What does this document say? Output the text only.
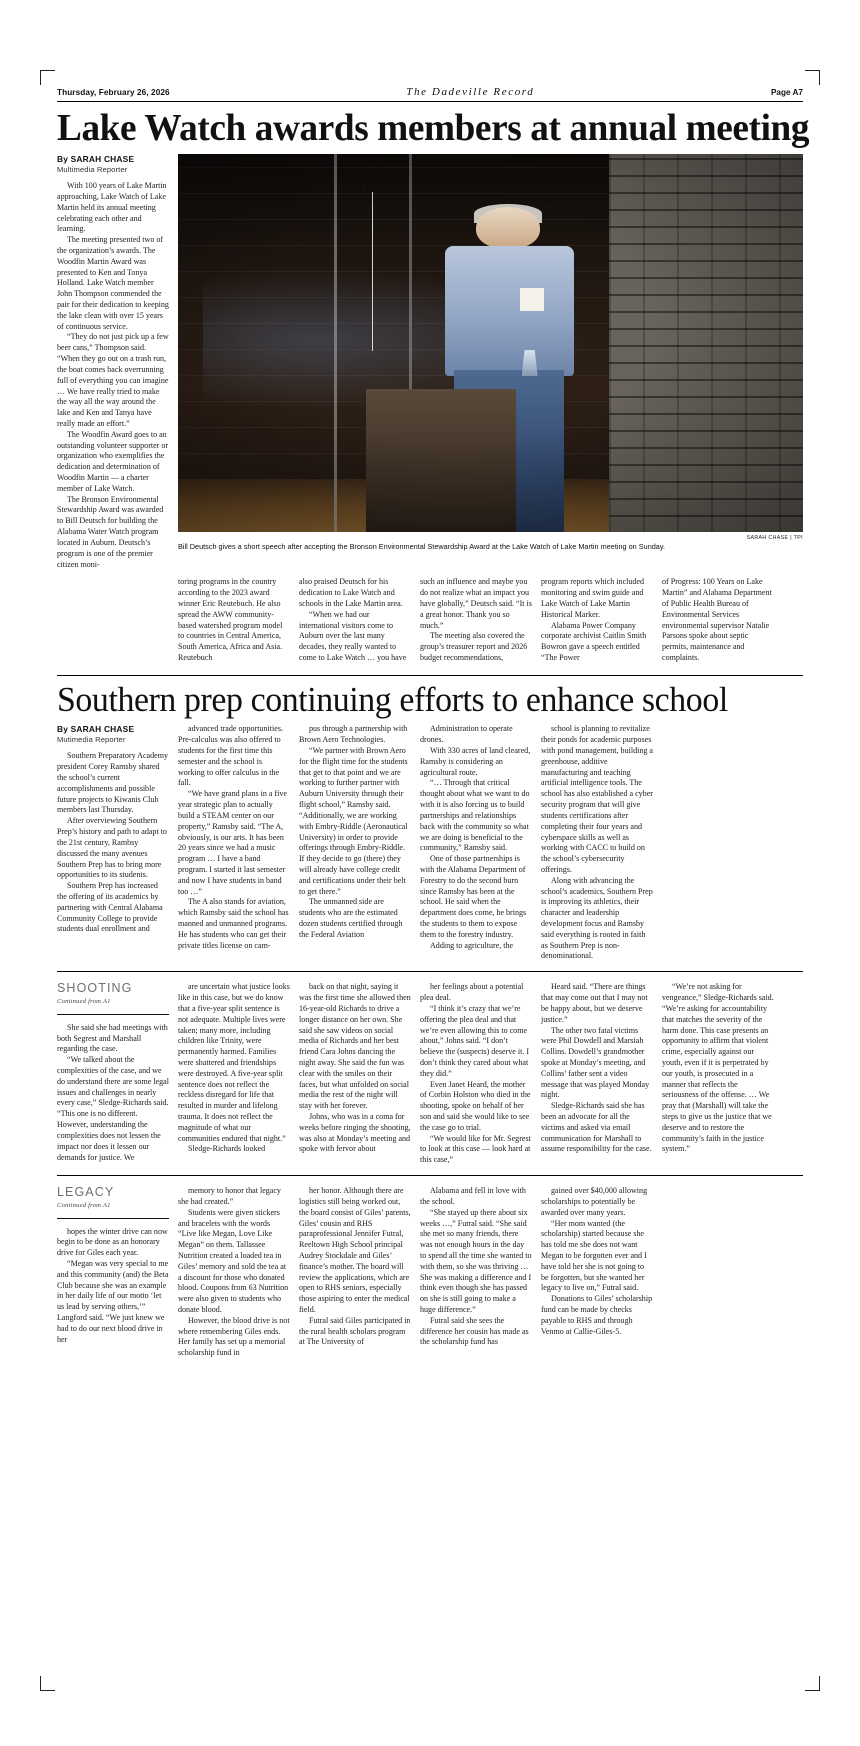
Thursday, February 26, 2026	The Dadeville Record	Page A7
Lake Watch awards members at annual meeting
By SARAH CHASE
Multimedia Reporter

With 100 years of Lake Martin approaching, Lake Watch of Lake Martin held its annual meeting celebrating each other and learning.

The meeting presented two of the organization’s awards. The Woodfin Martin Award was presented to Ken and Tonya Holland. Lake Watch member John Thompson commended the pair for their dedication to keeping the lake clean with over 15 years of continuous service.

“They do not just pick up a few beer cans,” Thompson said. “When they go out on a trash run, the boat comes back overrunning full of everything you can imagine … We have really tried to make the way all the way around the lake and Ken and Tanya have really made an effort.”

The Woodfin Award goes to an outstanding volunteer supporter or organization who exemplifies the dedication and determination of Woodfin Martin — a charter member of Lake Watch.

The Bronson Environmental Stewardship Award was awarded to Bill Deutsch for building the Alabama Water Watch program located in Auburn. Deutsch’s program is one of the premier citizen moni-

SARAH CHASE | TPI
Bill Deutsch gives a short speech after accepting the Bronson Environmental Stewardship Award at the Lake Watch of Lake Martin meeting on Sunday.

toring programs in the country according to the 2023 award winner Eric Reutebuch. He also spread the AWW community-based watershed program model to countries in Central America, South America, Africa and Asia. Reutebuch

also praised Deutsch for his dedication to Lake Watch and schools in the Lake Martin area.

“When we had our international visitors come to Auburn over the last many decades, they really wanted to come to Lake Watch … you have

such an influence and maybe you do not realize what an impact you have globally,” Deutsch said. “It is a great honor. Thank you so much.”

The meeting also covered the group’s treasurer report and 2026 budget recommendations,

program reports which included monitoring and swim guide and Lake Watch of Lake Martin Historical Marker.

Alabama Power Company corporate archivist Caitlin Smith Bowron gave a speech entitled “The Power

of Progress: 100 Years on Lake Martin” and Alabama Department of Public Health Bureau of Environmental Services environmental supervisor Natalie Parsons spoke about septic permits, maintenance and complaints.

Southern prep continuing efforts to enhance school
By SARAH CHASE
Mutimedia Reporter

Southern Preparatory Academy president Corey Ramsby shared the school’s current accomplishments and possible future projects to Kiwanis Club members last Thursday.

After overviewing Southern Prep’s history and path to adapt to the 21st century, Rambsy discussed the many avenues Southern Prep has to bring more opportunities to its students.

Southern Prep has increased the offering of its academics by partnering with Central Alabama Community College to provide students dual enrollment and

advanced trade opportunities. Pre-calculus was also offered to students for the first time this semester and the school is working to offer calculus in the fall.

“We have grand plans in a five year strategic plan to actually build a STEAM center on our property,” Ramsby said. “The A, obviously, is our arts. It has been 20 years since we had a music program … I have a band program. I started it last semester and now I have students in band too …”

The A also stands for aviation, which Ramsby said the school has manned and unmanned programs. He has students who can get their private titles license on cam-

pus through a partnership with Brown Aero Technologies.

“We partner with Brown Aero for the flight time for the students that get to that point and we are working to further partner with Auburn University through their flight school,” Ramsby said. “Additionally, we are working with Embry-Riddle (Aeronautical University) in order to provide offerings through Embry-Riddle. If they decide to go (there) they will already have college credit and certifications under their belt to get there.”

The unmanned side are students who are the estimated dozen students certified through the Federal Aviation

Administration to operate drones.

With 330 acres of land cleared, Ramsby is considering an agricultural route.

“… Through that critical thought about what we want to do with it is also forcing us to build partnerships and relationships back with the community so what we are doing is beneficial to the community,” Ramsby said.

One of those partnerships is with the Alabama Department of Forestry to do the second burn since Ramsby has been at the school. He said when the department does come, he brings the students to them to expose them to the forestry industry.

Adding to agriculture, the

school is planning to revitalize their ponds for academic purposes with pond management, building a greenhouse, additive manufacturing and teaching artificial intelligence tools. The school has also established a cyber security program that will give students certifications after completing their four years and cyberspace skills as well as working with CACC to build on the school’s cybersecurity offerings.

Along with advancing the school’s academics, Southern Prep is improving its athletics, their character and leadership development focus and Ramsby said everything is rooted in faith as Southern Prep is non-denominational.

SHOOTING
Continued from A1

She said she had meetings with both Segrest and Marshall regarding the case.

“We talked about the complexities of the case, and we do understand there are some legal issues and challenges in nearly every case,” Sledge-Richards said. “This one is no different. However, understanding the complexities does not lessen the impact nor does it lessen our demands for justice. We

are uncertain what justice looks like in this case, but we do know that a five-year split sentence is not adequate. Multiple lives were taken; many more, including children like Trinity, were permanently harmed. Families were shattered and friendships were destroyed. A five-year split sentence does not reflect the reckless disregard for life that resulted in murder and lifelong trauma. It does not reflect the magnitude of what our communities endured that night.”

Sledge-Richards looked

back on that night, saying it was the first time she allowed then 16-year-old Richards to drive a longer distance on her own. She said she saw videos on social media of Richards and her best friend Cara Johns dancing the night away. She said the fun was clear with the smiles on their faces, but what unfolded on social media the rest of the night will stay with her forever.

Johns, who was in a coma for weeks before ringing the shooting, was also at Monday’s meeting and spoke with fervor about

her feelings about a potential plea deal.

“I think it’s crazy that we’re offering the plea deal and that we’re even allowing this to come about,” Johns said. “I don’t believe the (suspects) deserve it. I don’t think they cared about what they did.”

Even Janet Heard, the mother of Corbin Holston who died in the shooting, spoke on behalf of her son and said she would like to see the case go to trial.

“We would like for Mr. Segrest to look at this case — look hard at this case,”

Heard said. “There are things that may come out that I may not be happy about, but we deserve justice.”

The other two fatal victims were Phil Dowdell and Marsiah Collins. Dowdell’s grandmother spoke at Monday’s meeting, and Collins’ father sent a video message that was played Monday night.

Sledge-Richards said she has been an advocate for all the victims and asked via email communication for Marshall to assume responsibility for the case.

“We’re not asking for vengeance,” Sledge-Richards said. “We’re asking for accountability that matches the severity of the harm done. This case presents an opportunity to affirm that violent crime, especially against our youth, even if it is perpetrated by our youth, is prosecuted in a manner that reflects the seriousness of the offense. … We pray that (Marshall) will take the steps to give us the justice that we deserve and to restore the community’s faith in the justice system.”

LEGACY
Continued from A1

hopes the winter drive can now begin to be done as an honorary drive for Giles each year.

“Megan was very special to me and this community (and) the Beta Club because she was an example in her daily life of our motto ‘let us lead by serving others,’” Langford said. “We just knew we had to do our next blood drive in her

memory to honor that legacy she had created.”

Students were given stickers and bracelets with the words “Live like Megan, Love Like Megan” on them. Tallassee Nutrition created a loaded tea in Giles’ memory and sold the tea at a discount for those who donated blood. Coupons from 63 Nutrition were also given to students who donate blood.

However, the blood drive is not where remembering Giles ends. Her family has set up a memorial scholarship fund in

her honor. Although there are logistics still being worked out, the board consist of Giles’ parents, Giles’ cousin and RHS paraprofessional Jennifer Futral, Reeltown High School principal Audrey Stockdale and Giles’ finance’s mother. The board will review the applications, which are open to RHS seniors, especially those aspiring to enter the medical field.

Futral said Giles participated in the rural health scholars program at The University of

Alabama and fell in love with the school.

“She stayed up there about six weeks …,” Futral said. “She said she met so many friends, there was not enough hours in the day to spend all the time she wanted to with them, so she was thriving … She was making a difference and I think even though she has passed on she is still going to make a huge difference.”

Futral said she sees the difference her cousin has made as the scholarship fund has

gained over $40,000 allowing scholarships to potentially be awarded over many years.

“Her mom wanted (the scholarship) started because she has told me she does not want Megan to be forgotten ever and I have told her she is not going to be forgotten, but she wanted her legacy to live on,” Futral said.

Donations to Giles’ scholarship fund can be made by checks payable to RHS and through Venmo at Callie-Giles-5.
